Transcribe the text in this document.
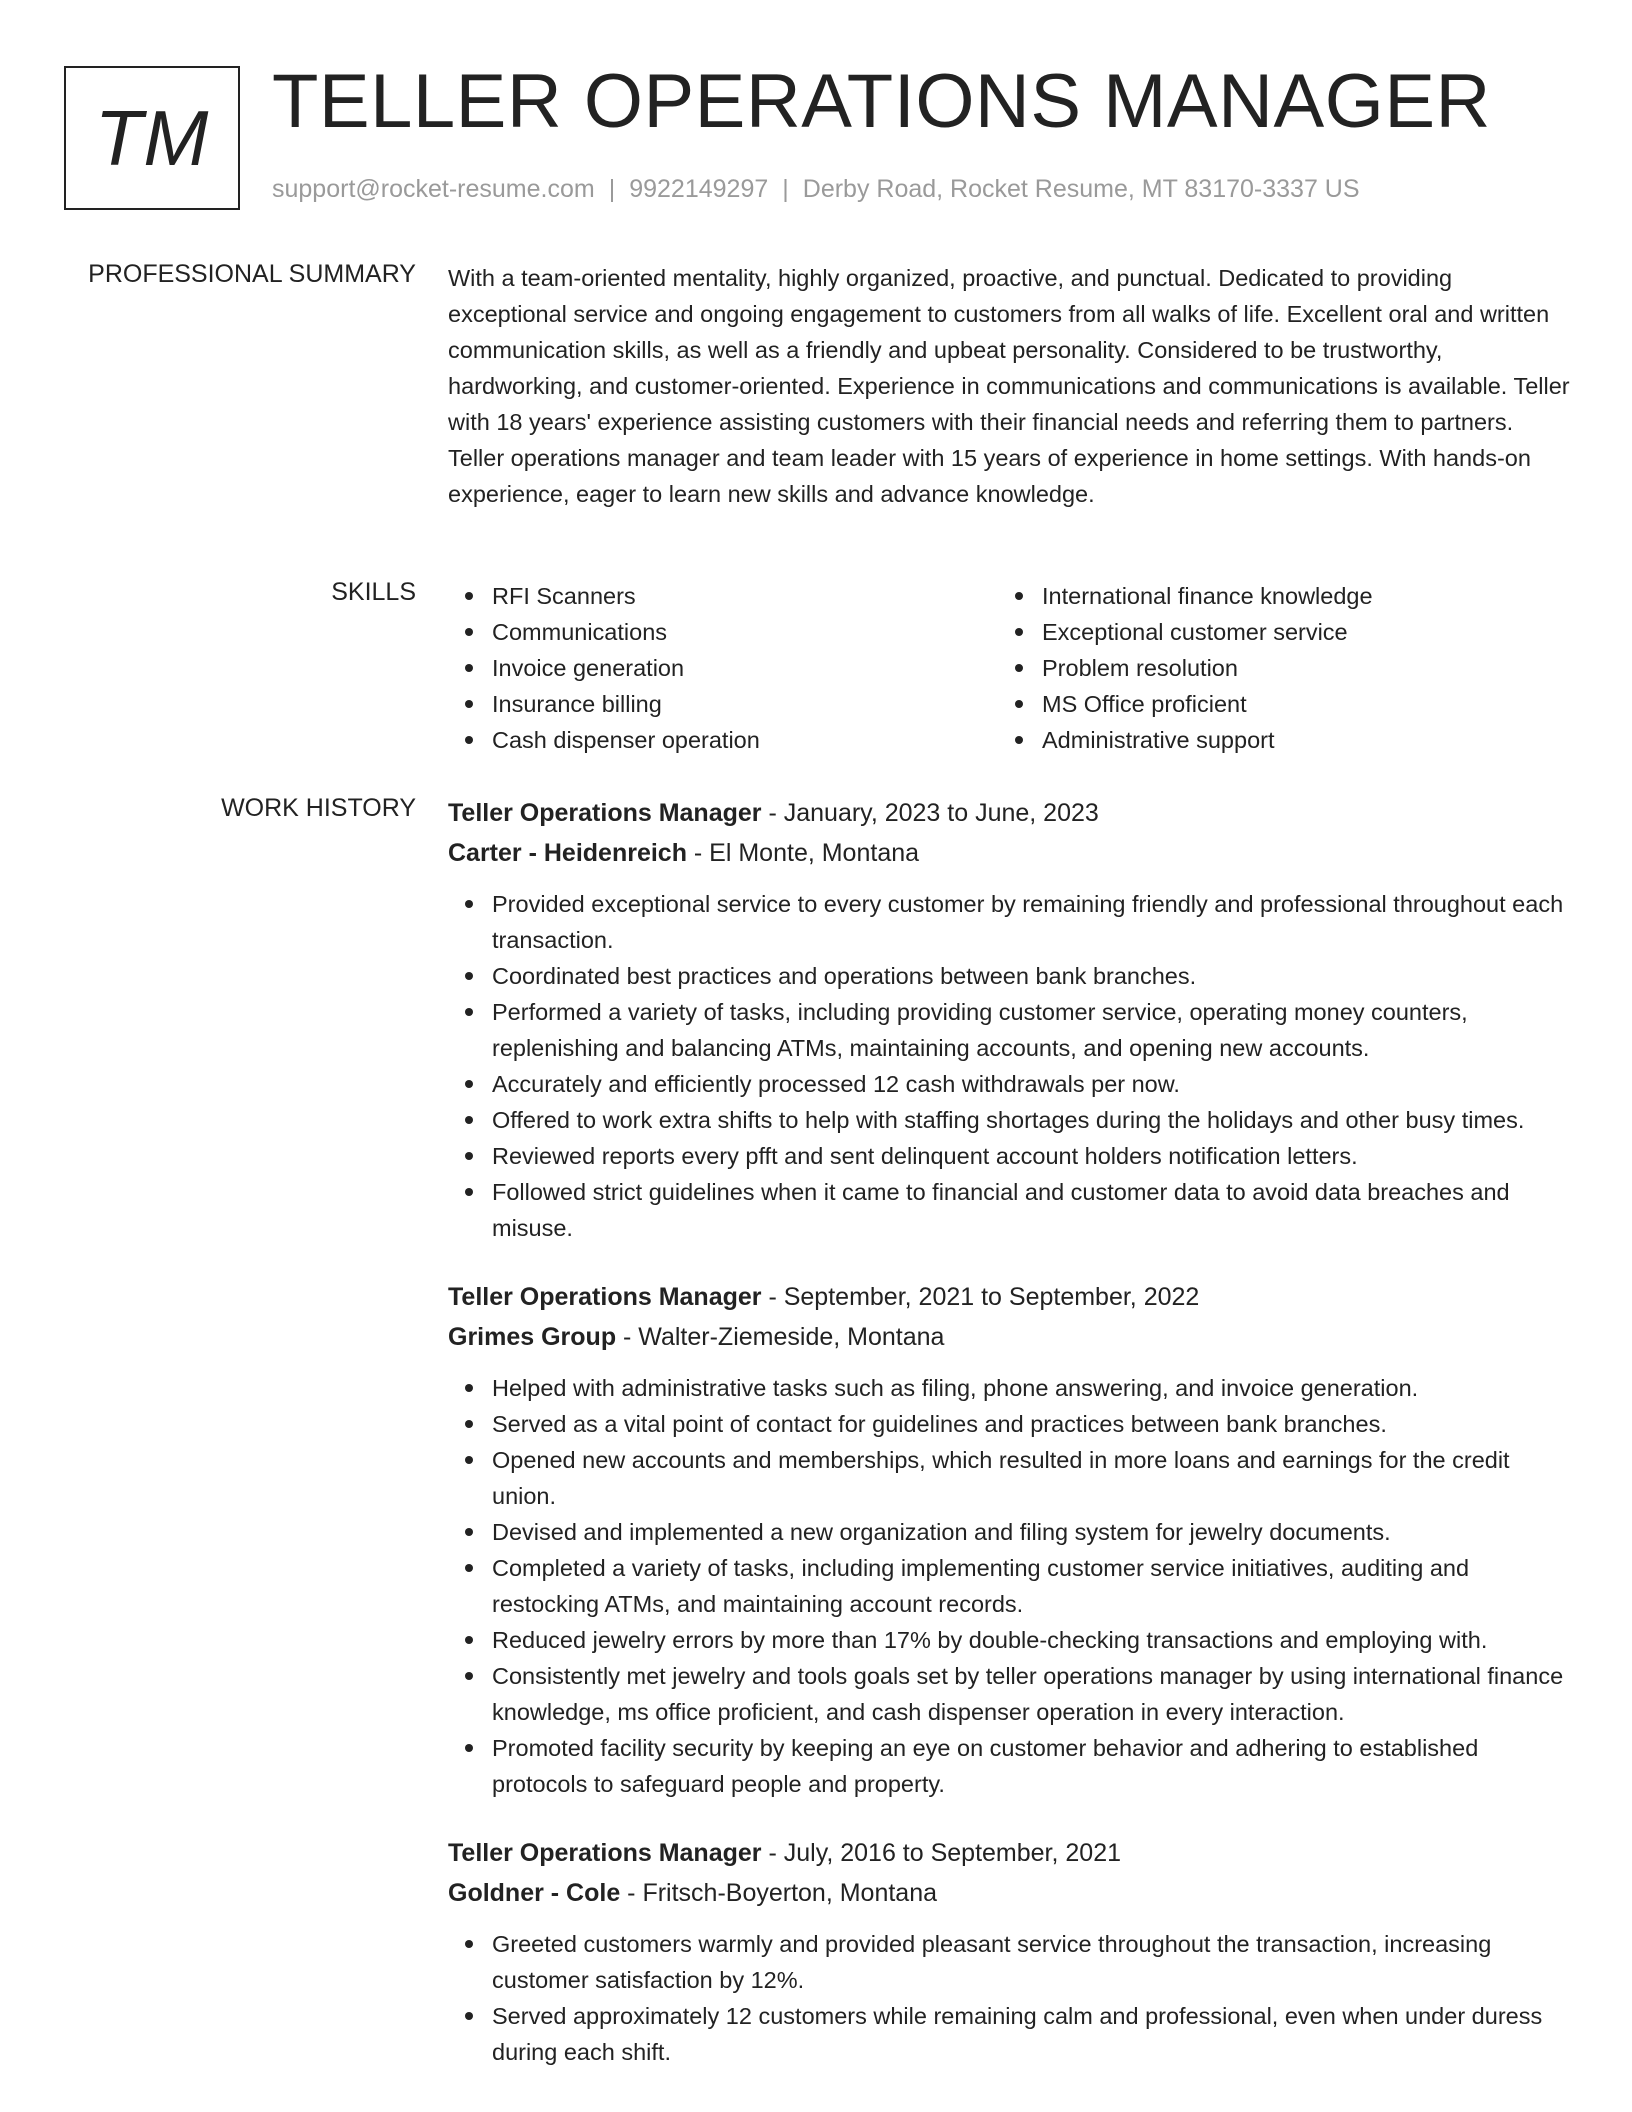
TM TELLER OPERATIONS MANAGER
support@rocket-resume.com | 9922149297 | Derby Road, Rocket Resume, MT 83170-3337 US
PROFESSIONAL SUMMARY With a team-oriented mentality, highly organized, proactive, and punctual. Dedicated to providing exceptional service and ongoing engagement to customers from all walks of life. Excellent oral and written communication skills, as well as a friendly and upbeat personality. Considered to be trustworthy, hardworking, and customer-oriented. Experience in communications and communications is available. Teller with 18 years' experience assisting customers with their financial needs and referring them to partners. Teller operations manager and team leader with 15 years of experience in home settings. With hands-on experience, eager to learn new skills and advance knowledge.

SKILLS	RFI Scanners
Communications
Invoice generation
Insurance billing
Cash dispenser operation
International finance knowledge
Exceptional customer service
Problem resolution
MS Office proficient
Administrative support
WORK HISTORY Teller Operations Manager - January, 2023 to June, 2023
Carter - Heidenreich - El Monte, Montana
Provided exceptional service to every customer by remaining friendly and professional throughout each transaction.
Coordinated best practices and operations between bank branches.
Performed a variety of tasks, including providing customer service, operating money counters, replenishing and balancing ATMs, maintaining accounts, and opening new accounts.
Accurately and efficiently processed 12 cash withdrawals per now.
Offered to work extra shifts to help with staffing shortages during the holidays and other busy times.
Reviewed reports every pfft and sent delinquent account holders notification letters.
Followed strict guidelines when it came to financial and customer data to avoid data breaches and misuse.
Teller Operations Manager - September, 2021 to September, 2022
Grimes Group - Walter-Ziemeside, Montana
Helped with administrative tasks such as filing, phone answering, and invoice generation.
Served as a vital point of contact for guidelines and practices between bank branches.
Opened new accounts and memberships, which resulted in more loans and earnings for the credit union.
Devised and implemented a new organization and filing system for jewelry documents.
Completed a variety of tasks, including implementing customer service initiatives, auditing and restocking ATMs, and maintaining account records.
Reduced jewelry errors by more than 17% by double-checking transactions and employing with.
Consistently met jewelry and tools goals set by teller operations manager by using international finance knowledge, ms office proficient, and cash dispenser operation in every interaction.
Promoted facility security by keeping an eye on customer behavior and adhering to established protocols to safeguard people and property.
Teller Operations Manager - July, 2016 to September, 2021
Goldner - Cole - Fritsch-Boyerton, Montana
Greeted customers warmly and provided pleasant service throughout the transaction, increasing customer satisfaction by 12%.
Served approximately 12 customers while remaining calm and professional, even when under duress during each shift.
